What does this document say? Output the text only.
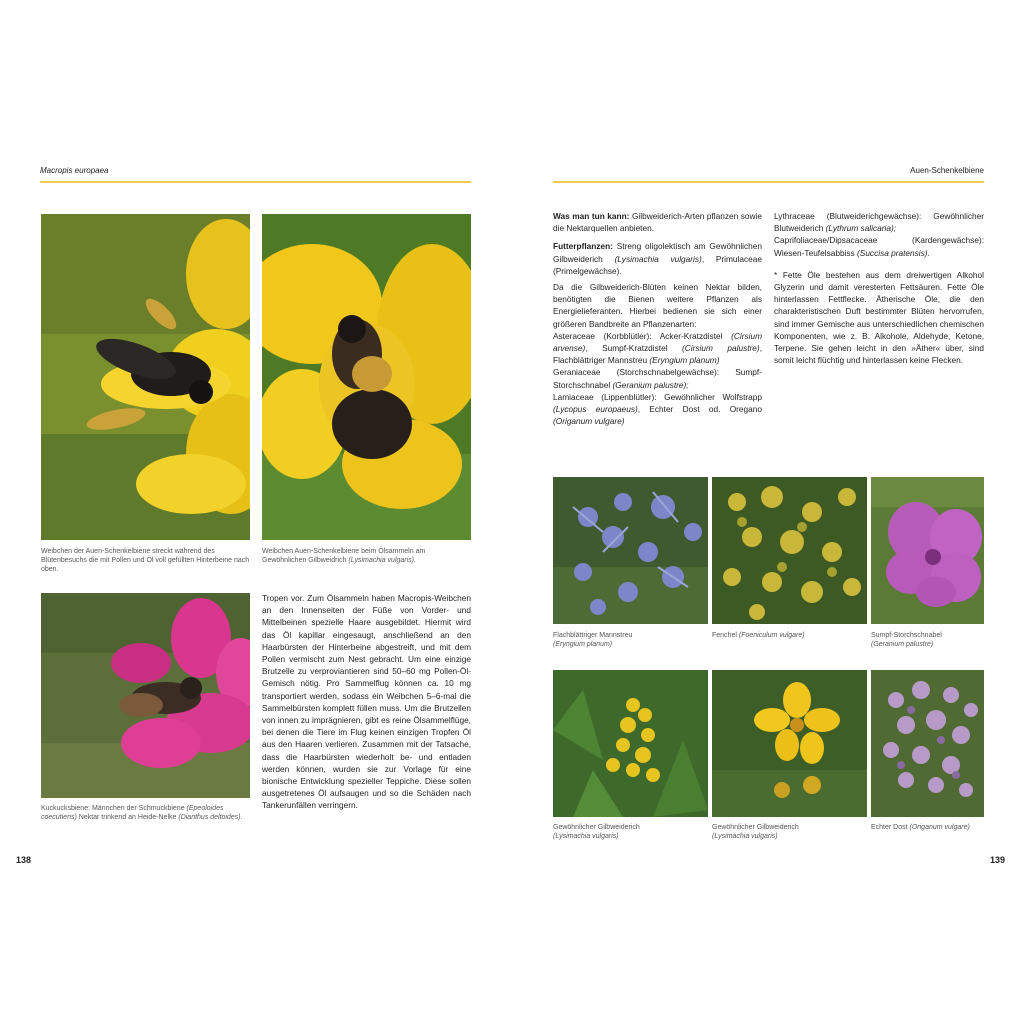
Macropis europaea
Weibchen der Auen-Schenkelbiene streckt während des Blütenbesuchs die mit Pollen und Öl voll gefüllten Hinterbeine nach oben.
Weibchen Auen-Schenkelbiene beim Ölsammeln am Gewöhnlichen Gilbweidrich (Lysimachia vulgaris).
Kuckucksbiene: Männchen der Schmuckbiene (Epeoloides coecutiens) Nektar trinkend an Heide-Nelke (Dianthus deltoides).

Tropen vor. Zum Ölsammeln haben Macropis-Weibchen an den Innenseiten der Füße von Vorder- und Mittelbeinen spezielle Haare ausgebildet. Hiermit wird das Öl kapillar eingesaugt, anschließend an den Haarbürsten der Hinterbeine abgestreift, und mit dem Pollen vermischt zum Nest gebracht. Um eine einzige Brutzelle zu verproviantieren sind 50–60 mg Pollen-Öl-Gemisch nötig. Pro Sammelflug können ca. 10 mg transportiert werden, sodass ein Weibchen 5–6-mal die Sammelbürsten komplett füllen muss. Um die Brutzellen von innen zu imprägnieren, gibt es reine Ölsammelflüge, bei denen die Tiere im Flug keinen einzigen Tropfen Öl aus den Haaren verlieren. Zusammen mit der Tatsache, dass die Haarbürsten wiederholt be- und entladen werden können, wurden sie zur Vorlage für eine bionische Entwicklung spezieller Teppiche. Diese sollen ausgetretenes Öl aufsaugen und so die Schäden nach Tankerunfällen verringern.

138
Auen-Schenkelbiene

Was man tun kann: Gilbweiderich-Arten pflanzen sowie die Nektarquellen anbieten.

Futterpflanzen: Streng oligolektisch am Gewöhnlichen Gilbweiderich (Lysimachia vulgaris), Primulaceae (Primelgewächse).

Da die Gilbweiderich-Blüten keinen Nektar bilden, benötigten die Bienen weitere Pflanzen als Energielieferanten. Hierbei bedienen sie sich einer größeren Bandbreite an Pflanzenarten:

Asteraceae (Korbblütler): Acker-Kratzdistel (Cirsium arvense), Sumpf-Kratzdistel (Cirsium palustre), Flachblättriger Mannstreu (Eryngium planum)

Geraniaceae (Storchschnabelgewächse): Sumpf-Storchschnabel (Geranium palustre);

Lamiaceae (Lippenblütler): Gewöhnlicher Wolfstrapp (Lycopus europaeus), Echter Dost od. Oregano (Origanum vulgare)

Lythraceae (Blutweiderichgewächse): Gewöhnlicher Blutweiderich (Lythrum salicaria);

Caprifoliaceae/Dipsacaceae (Kardengewächse): Wiesen-Teufelsabbiss (Succisa pratensis).

* Fette Öle bestehen aus dem dreiwertigen Alkohol Glyzerin und damit veresterten Fettsäuren. Fette Öle hinterlassen Fettflecke. Ätherische Öle, die den charakteristischen Duft bestimmter Blüten hervorrufen, sind immer Gemische aus unterschiedlichen chemischen Komponenten, wie z. B. Alkohole, Aldehyde, Ketone, Terpene. Sie gehen leicht in den »Äther« über, sind somit leicht flüchtig und hinterlassen keine Flecken.

Flachblättriger Mannstreu
(Eryngium planum)
Fenchel (Foeniculum vulgare)	Sumpf-Storchschnabel
(Geranium palustre)
Gewöhnlicher Gilbweiderich
(Lysimachia vulgaris)
Gewöhnlicher Gilbweiderich
(Lysimachia vulgaris)
Echter Dost (Origanum vulgare)
139
